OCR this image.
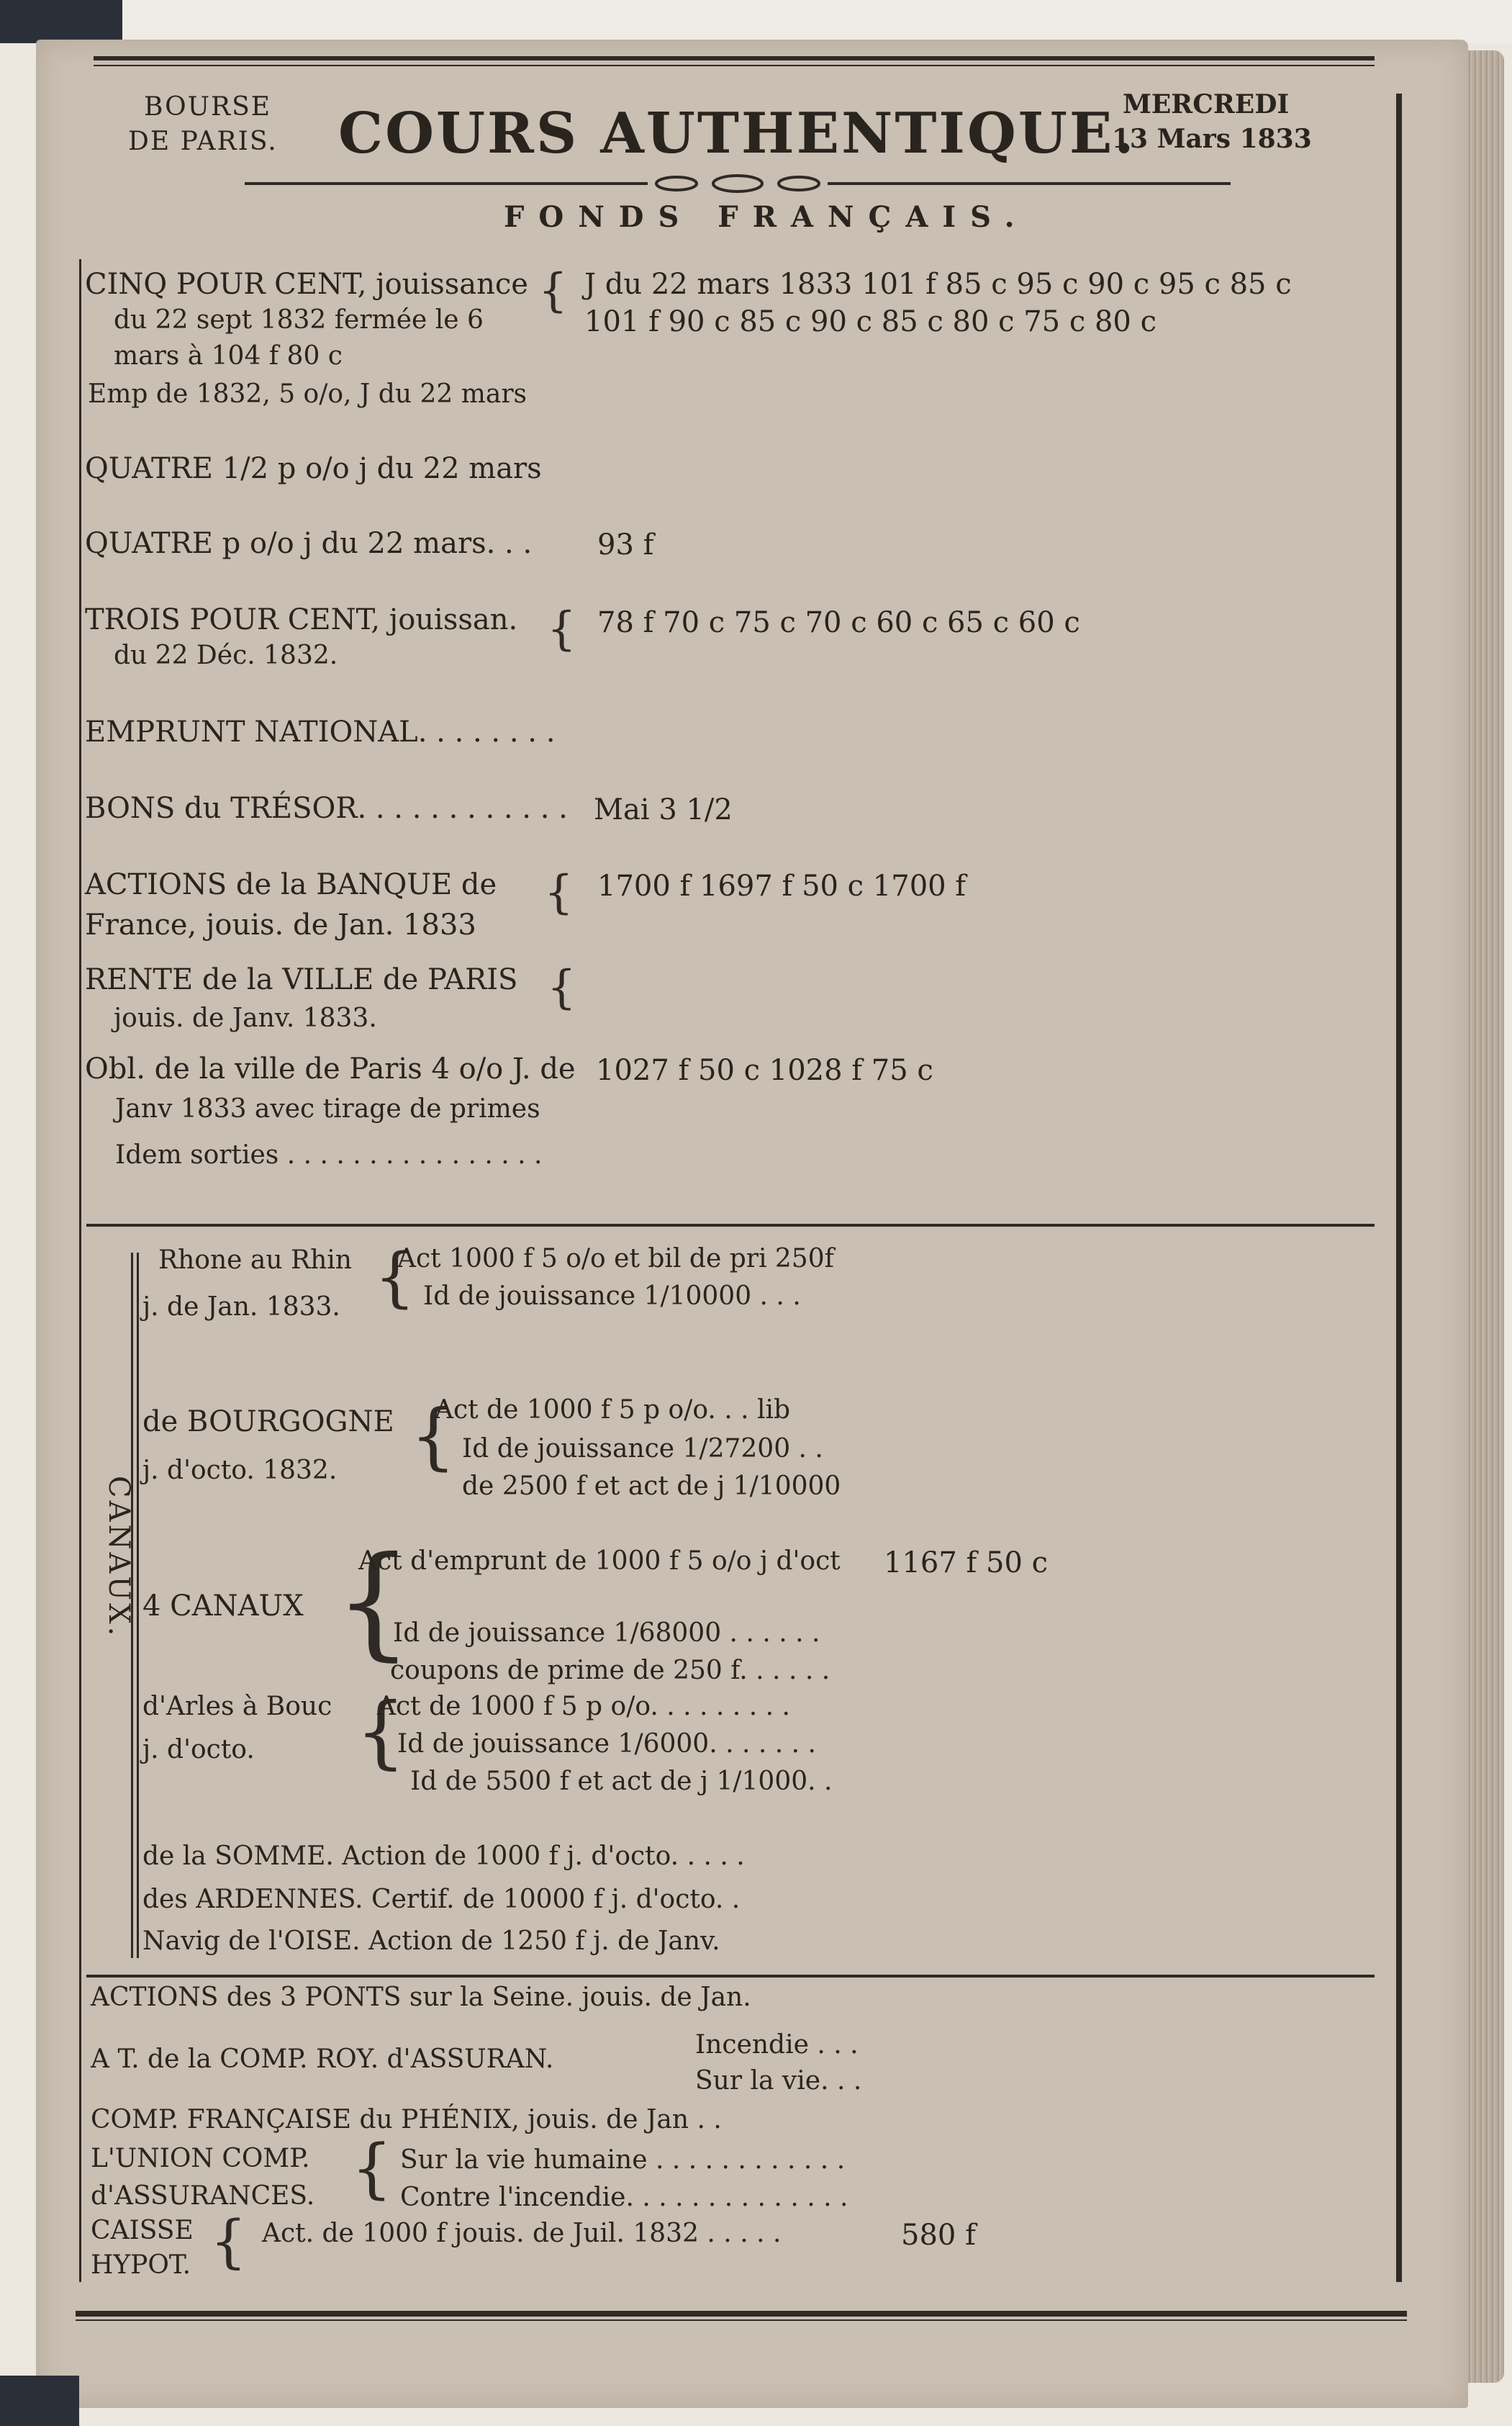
BOURSE
DE PARIS. COURS AUTHENTIQUE.
MERCREDI
13 Mars 1833
FONDS FRANÇAIS.
CINQ POUR CENT, jouissance {
du 22 sept 1832 fermée le 6
mars à 104 f 80 c
J du 22 mars 1833 101 f 85 c 95 c 90 c 95 c 85 c
101 f 90 c 85 c 90 c 85 c 80 c 75 c 80 c
Emp de 1832, 5 o/o, J du 22 mars
QUATRE 1/2 p o/o j du 22 mars
QUATRE p o/o j du 22 mars. . . 93 f
TROIS POUR CENT, jouissan. {
du 22 Déc. 1832.
78 f 70 c 75 c 70 c 60 c 65 c 60 c
EMPRUNT NATIONAL. . . . . . . .
BONS du TRÉSOR. . . . . . . . . . . . Mai 3 1/2
ACTIONS de la BANQUE de {
France, jouis. de Jan. 1833
1700 f 1697 f 50 c 1700 f
RENTE de la VILLE de PARIS {
jouis. de Janv. 1833.
Obl. de la ville de Paris 4 o/o J. de
Janv 1833 avec tirage de primes
Idem sorties . . . . . . . . . . . . . . . .
1027 f 50 c 1028 f 75 c
CANAUX.
Rhone au Rhin
j. de Jan. 1833. {
Act 1000 f 5 o/o et bil de pri 250f
Id de jouissance 1/10000 . . .
de BOURGOGNE
j. d'octo. 1832. {
Act de 1000 f 5 p o/o. . . lib
Id de jouissance 1/27200 . .
de 2500 f et act de j 1/10000
4 CANAUX {
Act d'emprunt de 1000 f 5 o/o j d'oct 1167 f 50 c
Id de jouissance 1/68000 . . . . . .
coupons de prime de 250 f. . . . . .
d'Arles à Bouc
j. d'octo. {
Act de 1000 f 5 p o/o. . . . . . . . .
Id de jouissance 1/6000. . . . . . .
Id de 5500 f et act de j 1/1000. .
de la SOMME. Action de 1000 f j. d'octo. . . . .
des ARDENNES. Certif. de 10000 f j. d'octo. .
Navig de l'OISE. Action de 1250 f j. de Janv.
ACTIONS des 3 PONTS sur la Seine. jouis. de Jan.
A T. de la COMP. ROY. d'ASSURAN.	Incendie . . .
Sur la vie. . .
COMP. FRANÇAISE du PHÉNIX, jouis. de Jan . .
L'UNION COMP.
d'ASSURANCES. { Sur la vie humaine . . . . . . . . . . . .
Contre l'incendie. . . . . . . . . . . . . .
CAISSE
HYPOT. { Act. de 1000 f jouis. de Juil. 1832 . . . . .	580 f
